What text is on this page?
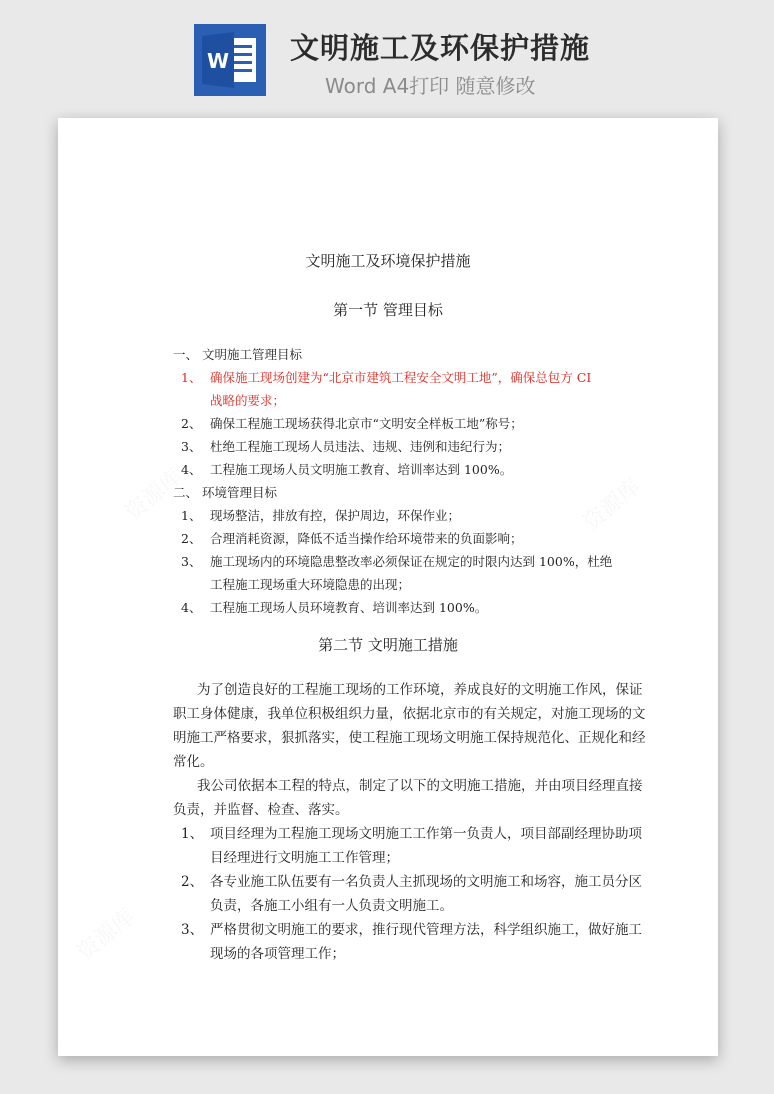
W 文明施工及环保护措施
Word A4打印 随意修改
文明施工及环境保护措施
第一节 管理目标
一、 文明施工管理目标
1、 确保施工现场创建为“北京市建筑工程安全文明工地”，确保总包方 CI
战略的要求；
2、 确保工程施工现场获得北京市“文明安全样板工地”称号；
3、 杜绝工程施工现场人员违法、违规、违例和违纪行为；
4、 工程施工现场人员文明施工教育、培训率达到 100%。
二、 环境管理目标
1、 现场整洁，排放有控，保护周边，环保作业；
2、 合理消耗资源，降低不适当操作给环境带来的负面影响；
3、 施工现场内的环境隐患整改率必须保证在规定的时限内达到 100%，杜绝
工程施工现场重大环境隐患的出现；
4、 工程施工现场人员环境教育、培训率达到 100%。
第二节 文明施工措施
为了创造良好的工程施工现场的工作环境，养成良好的文明施工作风，保证
职工身体健康，我单位积极组织力量，依据北京市的有关规定，对施工现场的文
明施工严格要求，狠抓落实，使工程施工现场文明施工保持规范化、正规化和经
常化。
我公司依据本工程的特点，制定了以下的文明施工措施，并由项目经理直接
负责，并监督、检查、落实。
1、 项目经理为工程施工现场文明施工工作第一负责人，项目部副经理协助项
目经理进行文明施工工作管理；
2、 各专业施工队伍要有一名负责人主抓现场的文明施工和场容，施工员分区
负责，各施工小组有一人负责文明施工。
3、 严格贯彻文明施工的要求，推行现代管理方法，科学组织施工，做好施工
现场的各项管理工作；
